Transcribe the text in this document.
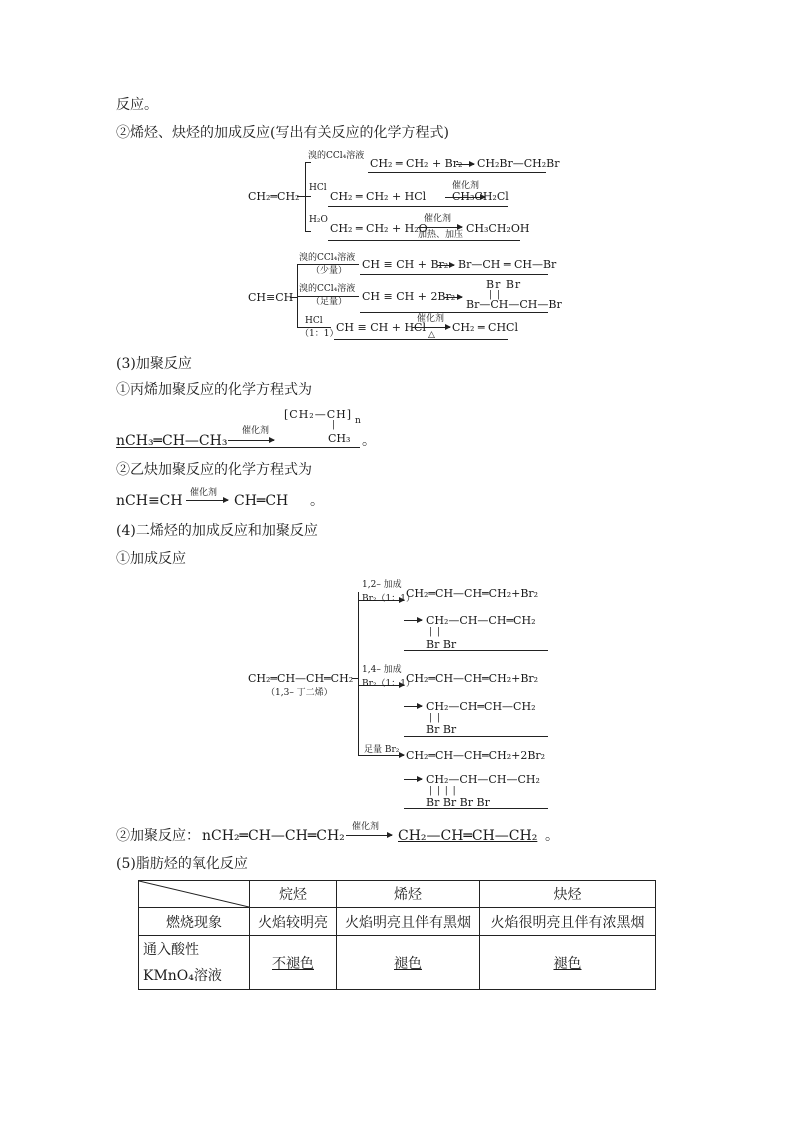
反应。
②烯烃、炔烃的加成反应(写出有关反应的化学方程式)
CH₂═CH₂
溴的CCl₄溶液
CH₂ ═ CH₂ + Br₂ → CH₂Br—CH₂Br
HCl
CH₂ ═ CH₂ + HCl
催化剂
CH₃CH₂Cl
H₂O
CH₂ ═ CH₂ + H₂O
催化剂
加热、加压 CH₃CH₂OH
CH≡CH
溴的CCl₄溶液
（少量） CH ≡ CH + Br₂ → Br—CH ═ CH—Br
溴的CCl₄溶液
（足量） CH ≡ CH + 2Br₂
Br Br
| |
Br—CH—CH—Br
HCl
（1：1）
CH ≡ CH + HCl
催化剂
△
CH₂ ═ CHCl
(3)加聚反应
①丙烯加聚反应的化学方程式为
[CH₂—CH] n
|
CH₃
nCH₃═CH—CH₃
催化剂
。
②乙炔加聚反应的化学方程式为
nCH≡CH 催化剂 → CH═CH 。
(4)二烯烃的加成反应和加聚反应
①加成反应
CH₂═CH—CH═CH₂
（1,3– 丁二烯）
1,2– 加成
Br₂（1：1）
CH₂═CH—CH═CH₂+Br₂
→ CH₂—CH—CH═CH₂
| |
Br Br
1,4– 加成
Br₂（1：1）
CH₂═CH—CH═CH₂+Br₂
→ CH₂—CH═CH—CH₂
| |
Br Br
足量 Br₂ CH₂═CH—CH═CH₂+2Br₂
→ CH₂—CH—CH—CH₂
| | | |
Br Br Br Br
②加聚反应： nCH₂═CH—CH═CH₂
催化剂
→ CH₂—CH═CH—CH₂ 。
(5)脂肪烃的氧化反应
	烷烃	烯烃	炔烃
燃烧现象	火焰较明亮	火焰明亮且伴有黑烟	火焰很明亮且伴有浓黑烟

通入酸性
KMnO₄溶液	不褪色	褪色	褪色
